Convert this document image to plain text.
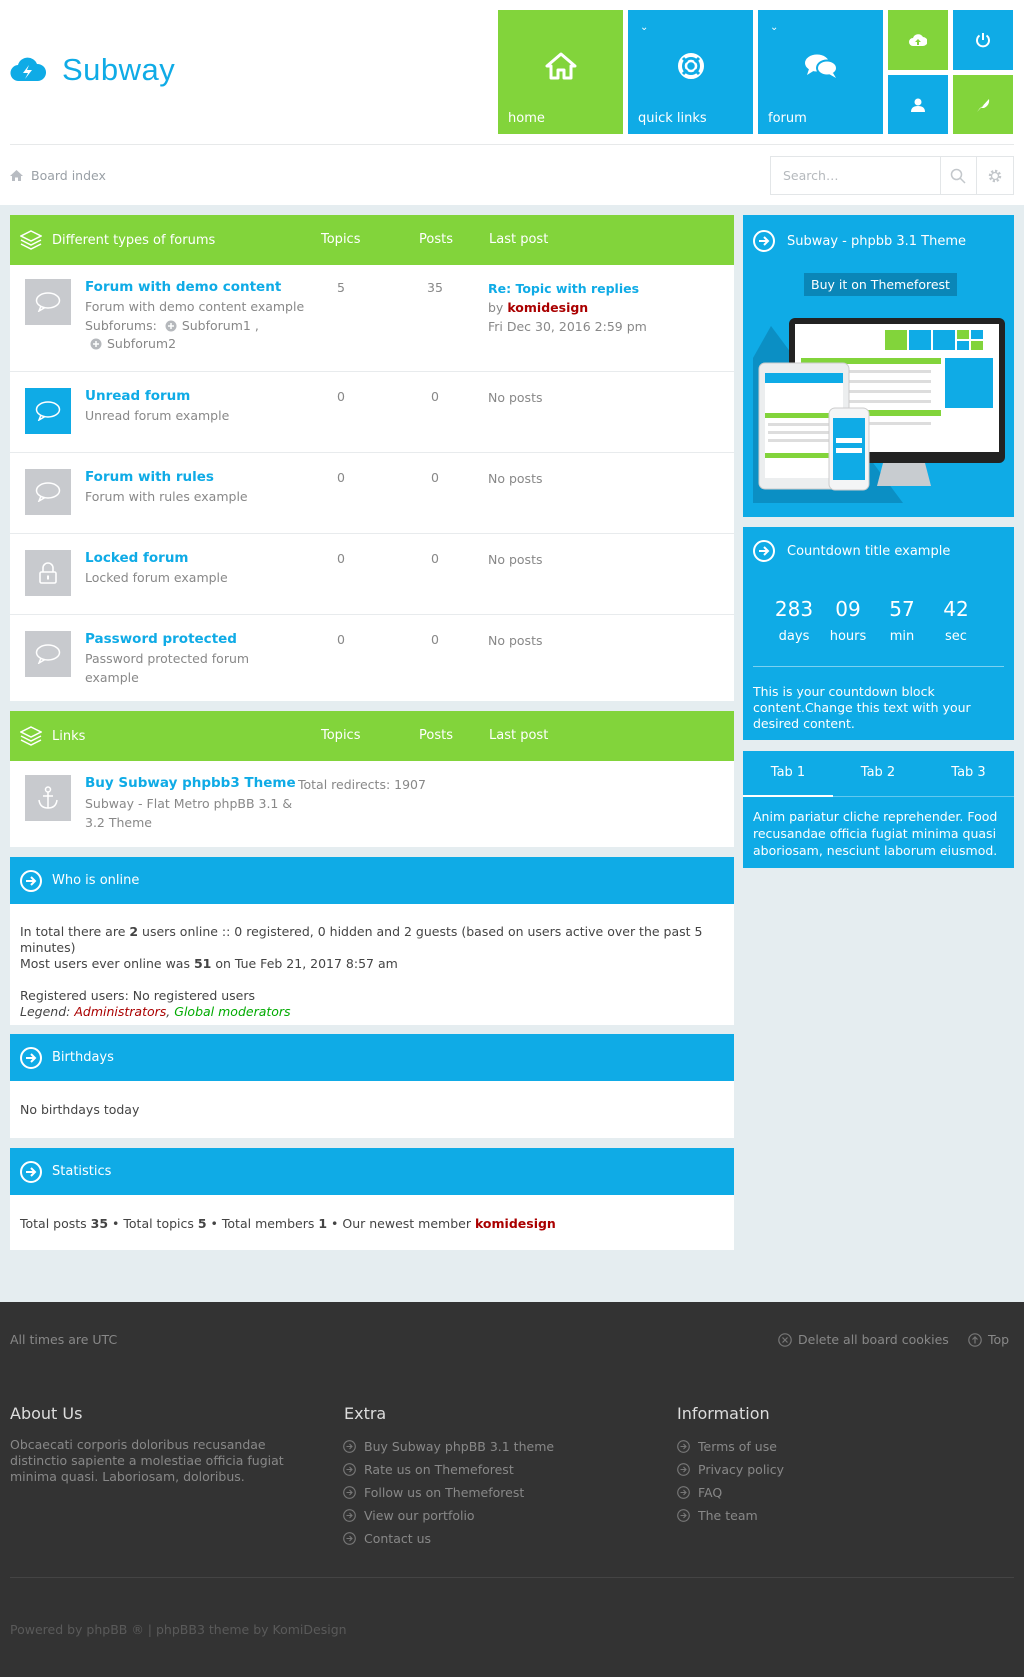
Subway
home
⌄
quick links
⌄
forum
Board index
Search…
Different types of forums	Topics	Posts	Last post
Forum with demo content
Forum with demo content example
Subforums: Subforum1 ,
Subforum2
5	35	Re: Topic with replies
by komidesign
Fri Dec 30, 2016 2:59 pm
Unread forum
Unread forum example
0	0	No posts
Forum with rules
Forum with rules example
0	0	No posts
Locked forum
Locked forum example
0	0	No posts
Password protected
Password protected forum
example
0	0	No posts
Links	Topics	Posts	Last post
Buy Subway phpbb3 Theme
Subway - Flat Metro phpBB 3.1 &
3.2 Theme
Total redirects: 1907
Who is online
In total there are 2 users online :: 0 registered, 0 hidden and 2 guests (based on users active over the past 5 minutes)
Most users ever online was 51 on Tue Feb 21, 2017 8:57 am
Registered users: No registered users
Legend: Administrators, Global moderators
Birthdays
No birthdays today
Statistics
Total posts 35 • Total topics 5 • Total members 1 • Our newest member komidesign
Subway - phpbb 3.1 Theme
Buy it on Themeforest
Countdown title example
283
days
09
hours
57
min
42
sec
This is your countdown block content.Change this text with your desired content.
Tab 1	Tab 2	Tab 3
Anim pariatur cliche reprehender. Food recusandae officia fugiat minima quasi aboriosam, nesciunt laborum eiusmod.
All times are UTC	Delete all board cookies	Top
About Us
Obcaecati corporis doloribus recusandae distinctio sapiente a molestiae officia fugiat minima quasi. Laboriosam, doloribus.
Extra
Buy Subway phpBB 3.1 theme
Rate us on Themeforest
Follow us on Themeforest
View our portfolio
Contact us
Information
Terms of use
Privacy policy
FAQ
The team
Powered by phpBB ® | phpBB3 theme by KomiDesign
